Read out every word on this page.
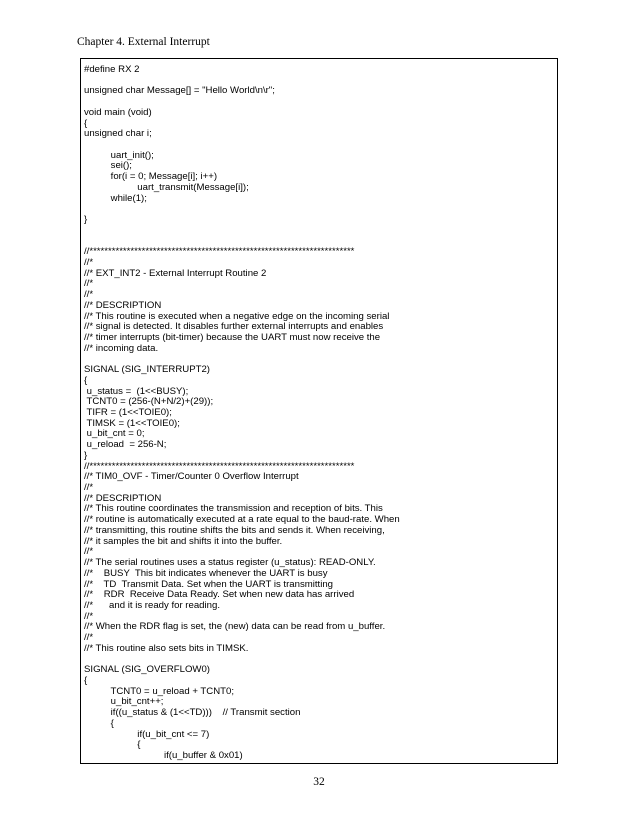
Chapter 4. External Interrupt
#define RX 2
unsigned char Message[] = "Hello World\n\r";
void main (void)
{
unsigned char i;
uart_init();
sei();
for(i = 0; Message[i]; i++)
uart_transmit(Message[i]);
while(1);
}
//***********************************************************************
//*
//* EXT_INT2 - External Interrupt Routine 2
//*
//*
//* DESCRIPTION
//* This routine is executed when a negative edge on the incoming serial
//* signal is detected. It disables further external interrupts and enables
//* timer interrupts (bit-timer) because the UART must now receive the
//* incoming data.
SIGNAL (SIG_INTERRUPT2)
{
u_status =  (1<<BUSY);
TCNT0 = (256-(N+N/2)+(29));
TIFR = (1<<TOIE0);
TIMSK = (1<<TOIE0);
u_bit_cnt = 0;
u_reload  = 256-N;
}
//***********************************************************************
//* TIM0_OVF - Timer/Counter 0 Overflow Interrupt
//*
//* DESCRIPTION
//* This routine coordinates the transmission and reception of bits. This
//* routine is automatically executed at a rate equal to the baud-rate. When
//* transmitting, this routine shifts the bits and sends it. When receiving,
//* it samples the bit and shifts it into the buffer.
//*
//* The serial routines uses a status register (u_status): READ-ONLY.
//*    BUSY  This bit indicates whenever the UART is busy
//*    TD  Transmit Data. Set when the UART is transmitting
//*    RDR  Receive Data Ready. Set when new data has arrived
//*      and it is ready for reading.
//*
//* When the RDR flag is set, the (new) data can be read from u_buffer.
//*
//* This routine also sets bits in TIMSK.
SIGNAL (SIG_OVERFLOW0)
{
TCNT0 = u_reload + TCNT0;
u_bit_cnt++;
if((u_status & (1<<TD)))    // Transmit section
{
if(u_bit_cnt <= 7)
{
if(u_buffer & 0x01)
32
